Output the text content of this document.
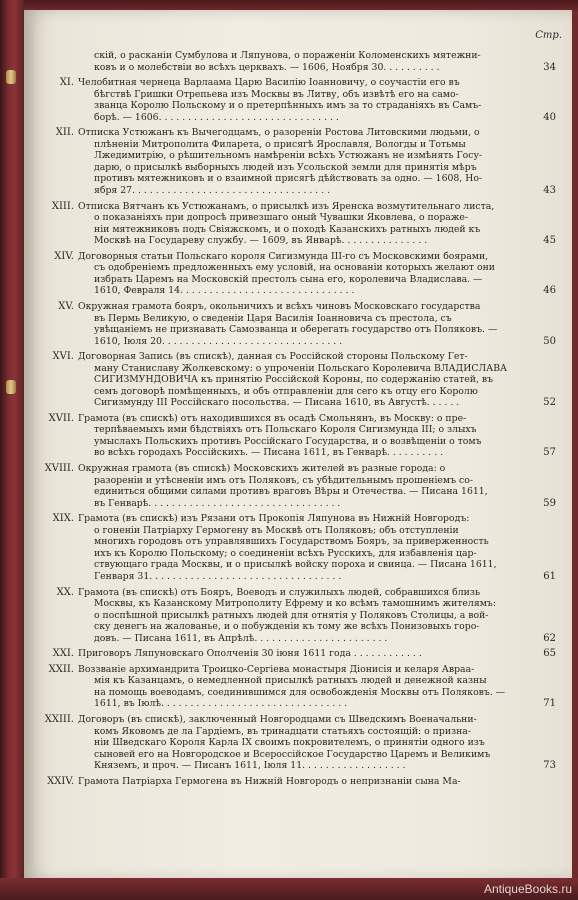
Стр.
скій, о расканіи Сумбулова и Ляпунова, о пораженіи Коломенскихъ мятежни-
ковъ и о молебствіи во всѣхъ церквахъ. — 1606, Ноября 30. . . . . . . . . .	34
XI. Челобитная чернеца Варлаама Царю Василію Іоанновичу, о соучастіи его въ
бѣгствѣ Гришки Отрепьева изъ Москвы въ Литву, объ извѣтѣ его на само-
званца Королю Польскому и о претерпѣнныхъ имъ за то страданіяхъ въ Самъ-
борѣ. — 1606. . . . . . . . . . . . . . . . . . . . . . . . . . . . . . .	40
XII. Отписка Устюжанъ къ Вычегодцамъ, о разореніи Ростова Литовскими людьми, о
плѣненіи Митрополита Филарета, о присягѣ Ярославля, Вологды и Тотьмы
Лжедимитрію, о рѣшительномъ намѣреніи всѣхъ Устюжанъ не измѣнять Госу-
дарю, о присылкѣ выборныхъ людей изъ Усольской земли для принятія мѣръ
противъ мятежниковъ и о взаимной присягѣ дѣйствовать за одно. — 1608, Но-
ября 27. . . . . . . . . . . . . . . . . . . . . . . . . . . . . . . . . .	43
XIII. Отписка Вятчанъ къ Устюжанамъ, о присылкѣ изъ Яренска возмутительнаго листа,
о показаніяхъ при допросѣ привезшаго оный Чувашки Яковлева, о пораже-
ніи мятежниковъ подъ Свіяжскомъ, и о походѣ Казанскихъ ратныхъ людей къ
Москвѣ на Государеву службу. — 1609, въ Январѣ. . . . . . . . . . . . . . .	45
XIV. Договорныя статьи Польскаго короля Сигизмунда III-го съ Московскими боярами,
съ одобреніемъ предложенныхъ ему условій, на основаніи которыхъ желают они
избрать Царемъ на Московскій престолъ сына его, королевича Владислава. —
1610, Февраля 14. . . . . . . . . . . . . . . . . . . . . . . . . . . . . .	46
XV. Окружная грамота бояръ, окольничихъ и всѣхъ чиновъ Московскаго государства
въ Пермь Великую, о сведеніи Царя Василія Іоанновича съ престола, съ
увѣщаніемъ не признавать Самозванца и оберегать государство отъ Поляковъ. —
1610, Іюля 20. . . . . . . . . . . . . . . . . . . . . . . . . . . . . . .	50
XVI. Договорная Запись (въ спискѣ), данная съ Россійской стороны Польскому Гет-
ману Станиславу Жолкевскому: о упроченіи Польскаго Королевича ВЛАДИСЛАВА
СИГИЗМУНДОВИЧА къ принятію Россійской Короны, по содержанію статей, въ
семъ договорѣ помѣщенныхъ, и объ отправленіи для сего къ отцу его Королю
Сигизмунду III Россійскаго посольства. — Писана 1610, въ Августѣ. . . . . .	52
XVII. Грамота (въ спискѣ) отъ находившихся въ осадѣ Смольнянъ, въ Москву: о пре-
терпѣваемыхъ ими бѣдствіяхъ отъ Польскаго Короля Сигизмунда III; о злыхъ
умыслахъ Польскихъ противъ Россійскаго Государства, и о возвѣщеніи о томъ
во всѣхъ городахъ Россійскихъ. — Писана 1611, въ Генварѣ. . . . . . . . . .	57
XVIII. Окружная грамота (въ спискѣ) Московскихъ жителей въ разные города: о
разореніи и утѣсненіи имъ отъ Поляковъ, съ убѣдительнымъ прошеніемъ со-
единиться общими силами противъ враговъ Вѣры и Отечества. — Писана 1611,
въ Генварѣ. . . . . . . . . . . . . . . . . . . . . . . . . . . . . . . . .	59
XIX. Грамота (въ спискѣ) изъ Рязани отъ Прокопія Ляпунова въ Нижній Новгородъ:
о гоненіи Патріарху Гермогену въ Москвѣ отъ Поляковъ; объ отступленіи
многихъ городовъ отъ управлявшихъ Государствомъ Бояръ, за приверженность
ихъ къ Королю Польскому; о соединеніи всѣхъ Русскихъ, для избавленія цар-
ствующаго града Москвы, и о присылкѣ войску пороха и свинца. — Писана 1611,
Генваря 31. . . . . . . . . . . . . . . . . . . . . . . . . . . . . . . . .	61
XX. Грамота (въ спискѣ) отъ Бояръ, Воеводъ и служилыхъ людей, собравшихся близь
Москвы, къ Казанскому Митрополиту Ефрему и ко всѣмъ тамошнимъ жителямъ:
о поспѣшной присылкѣ ратныхъ людей для отнятія у Поляковъ Столицы, а вой-
ску денегъ на жалованье, и о побужденіи къ тому же всѣхъ Понизовыхъ горо-
довъ. — Писана 1611, въ Апрѣлѣ. . . . . . . . . . . . . . . . . . . . . . .	62
XXI. Приговоръ Ляпуновскаго Ополченія 30 іюня 1611 года . . . . . . . . . . . .	65
XXII. Воззваніе архимандрита Троицко-Сергіева монастыря Діонисія и келаря Авраа-
мія къ Казанцамъ, о немедленной присылкѣ ратныхъ людей и денежной казны
на помощь воеводамъ, соединившимся для освобожденія Москвы отъ Поляковъ. —
1611, въ Іюлѣ. . . . . . . . . . . . . . . . . . . . . . . . . . . . . . . .	71
XXIII. Договоръ (въ спискѣ), заключенный Новгородцами съ Шведскимъ Военачальни-
комъ Яковомъ де ла Гардіемъ, въ тринадцати статьяхъ состоящій: о призна-
ніи Шведскаго Короля Карла IX своимъ покровителемъ, о принятіи одного изъ
сыновей его на Новгородское и Всероссійское Государство Царемъ и Великимъ
Княземъ, и проч. — Писанъ 1611, Іюля 11. . . . . . . . . . . . . . . . . .	73
XXIV. Грамота Патріарха Гермогена въ Нижній Новгородъ о непризнаніи сына Ма-
AntiqueBooks.ru
